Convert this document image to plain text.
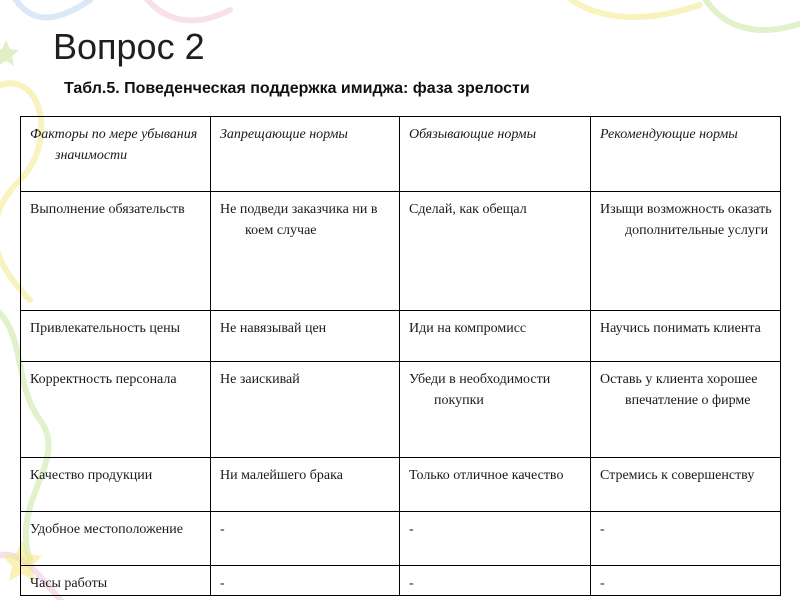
Вопрос 2
Табл.5. Поведенческая поддержка имиджа: фаза зрелости
Факторы по мере убывания значимости	Запрещающие нормы	Обязывающие нормы	Рекомендующие нормы

Выполнение обязательств	Не подведи заказчика ни в коем случае	Сделай, как обещал	Изыщи возможность оказать дополнительные услуги

Привлекательность цены	Не навязывай цен	Иди на компромисс	Научись понимать клиента

Корректность персонала	Не заискивай	Убеди в необходимости покупки	Оставь у клиента хорошее впечатление о фирме

Качество продукции	Ни малейшего брака	Только отличное качество	Стремись к совершенству

Удобное местоположение	-	-	-

Часы работы	-	-	-
